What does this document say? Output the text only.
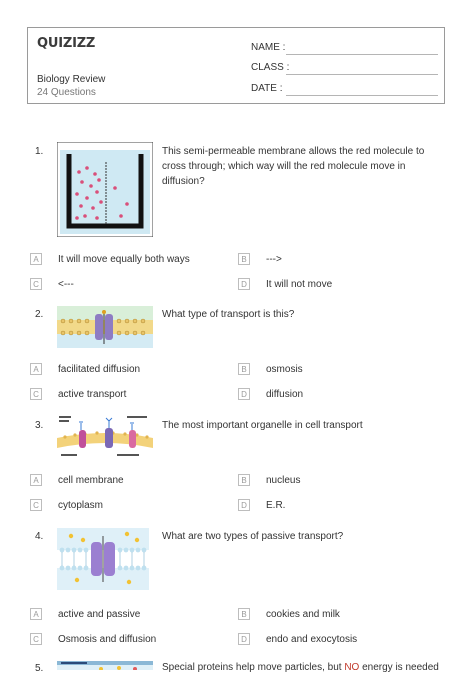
QUIZIZZ
Biology Review
24 Questions
NAME :
CLASS :
DATE :
1.	This semi-permeable membrane allows the red molecule to cross through; which way will the red molecule move in diffusion?
A	It will move equally both ways	B	--->
C	<---	D	It will not move
2.	What type of transport is this?
A	facilitated diffusion	B	osmosis
C	active transport	D	diffusion
3.	The most important organelle in cell transport
A	cell membrane	B	nucleus
C	cytoplasm	D	E.R.
4.	What are two types of passive transport?
A	active and passive	B	cookies and milk
C	Osmosis and diffusion	D	endo and exocytosis
5.	Special proteins help move particles, but NO energy is needed
